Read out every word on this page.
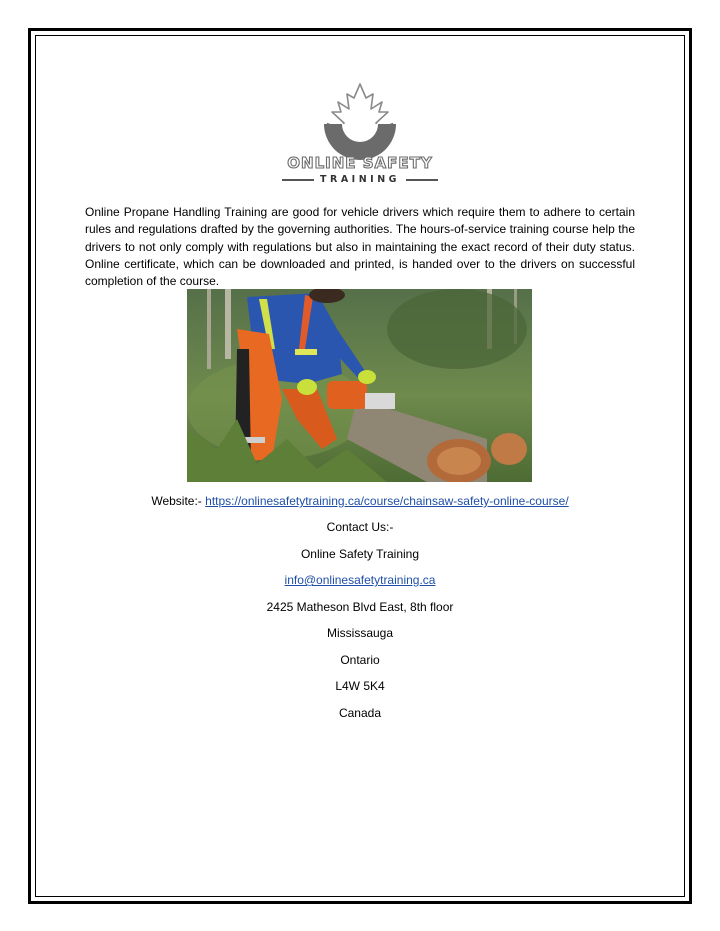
ONLINE SAFETY
TRAINING

Online Propane Handling Training are good for vehicle drivers which require them to adhere to certain rules and regulations drafted by the governing authorities. The hours-of-service training course help the drivers to not only comply with regulations but also in maintaining the exact record of their duty status. Online certificate, which can be downloaded and printed, is handed over to the drivers on successful completion of the course.

Website:- https://onlinesafetytraining.ca/course/chainsaw-safety-online-course/
Contact Us:-
Online Safety Training
info@onlinesafetytraining.ca
2425 Matheson Blvd East, 8th floor
Mississauga
Ontario
L4W 5K4
Canada
